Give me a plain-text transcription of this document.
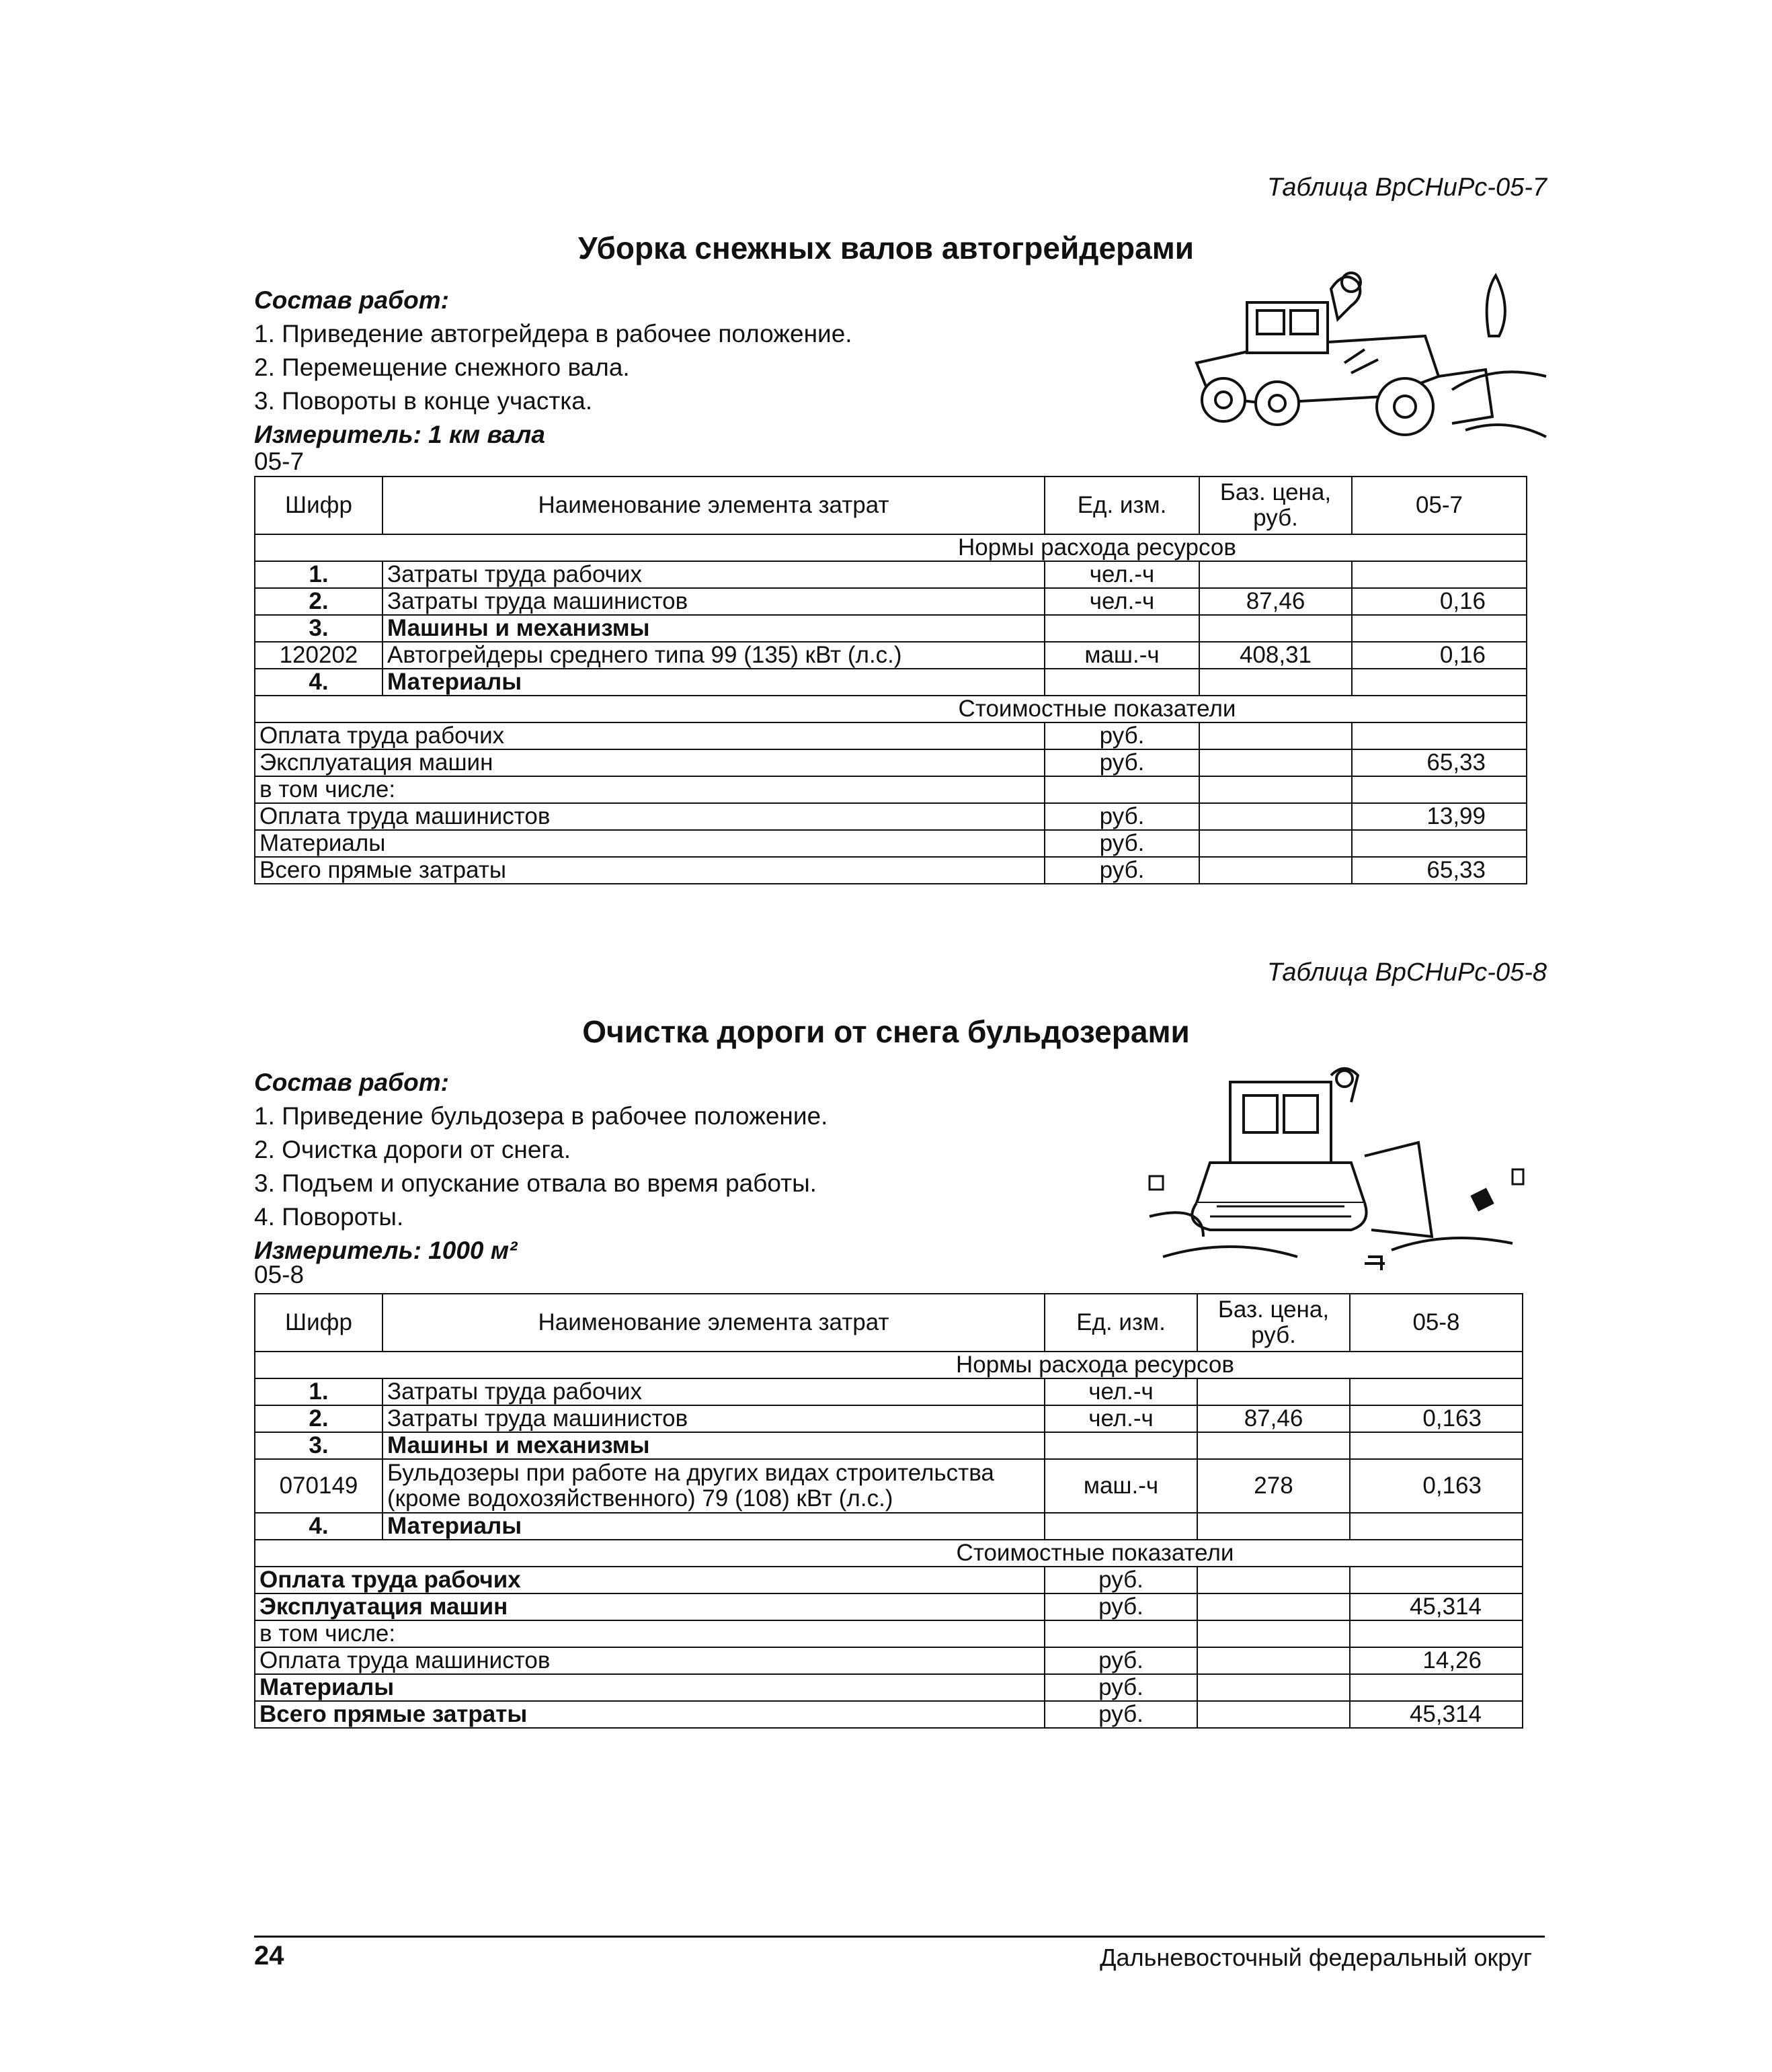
Таблица ВрСНиРс-05-7
Уборка снежных валов автогрейдерами
Состав работ:
1. Приведение автогрейдера в рабочее положение.
2. Перемещение снежного вала.
3. Повороты в конце участка.
Измеритель: 1 км вала
05-7
Шифр	Наименование элемента затрат	Ед. изм.	Баз. цена, руб.	05-7
Нормы расхода ресурсов				
1.	Затраты труда рабочих	чел.-ч		
2.	Затраты труда машинистов	чел.-ч	87,46	0,16
3.	Машины и механизмы			
120202	Автогрейдеры среднего типа 99 (135) кВт (л.с.)	маш.-ч	408,31	0,16
4.	Материалы			
Стоимостные показатели				
Оплата труда рабочих		руб.		
Эксплуатация машин		руб.		65,33
в том числе:				
Оплата труда машинистов		руб.		13,99
Материалы		руб.		
Всего прямые затраты		руб.		65,33
Таблица ВрСНиРс-05-8
Очистка дороги от снега бульдозерами
Состав работ:
1. Приведение бульдозера в рабочее положение.
2. Очистка дороги от снега.
3. Подъем и опускание отвала во время работы.
4. Повороты.
Измеритель: 1000 м²
05-8
Шифр	Наименование элемента затрат	Ед. изм.	Баз. цена, руб.	05-8
Нормы расхода ресурсов				
1.	Затраты труда рабочих	чел.-ч		
2.	Затраты труда машинистов	чел.-ч	87,46	0,163
3.	Машины и механизмы			
070149	Бульдозеры при работе на других видах строительства (кроме водохозяйственного) 79 (108) кВт (л.с.)	маш.-ч	278	0,163
4.	Материалы			
Стоимостные показатели				
Оплата труда рабочих		руб.		
Эксплуатация машин		руб.		45,314
в том числе:				
Оплата труда машинистов		руб.		14,26
Материалы		руб.		
Всего прямые затраты		руб.		45,314
24	Дальневосточный федеральный округ
